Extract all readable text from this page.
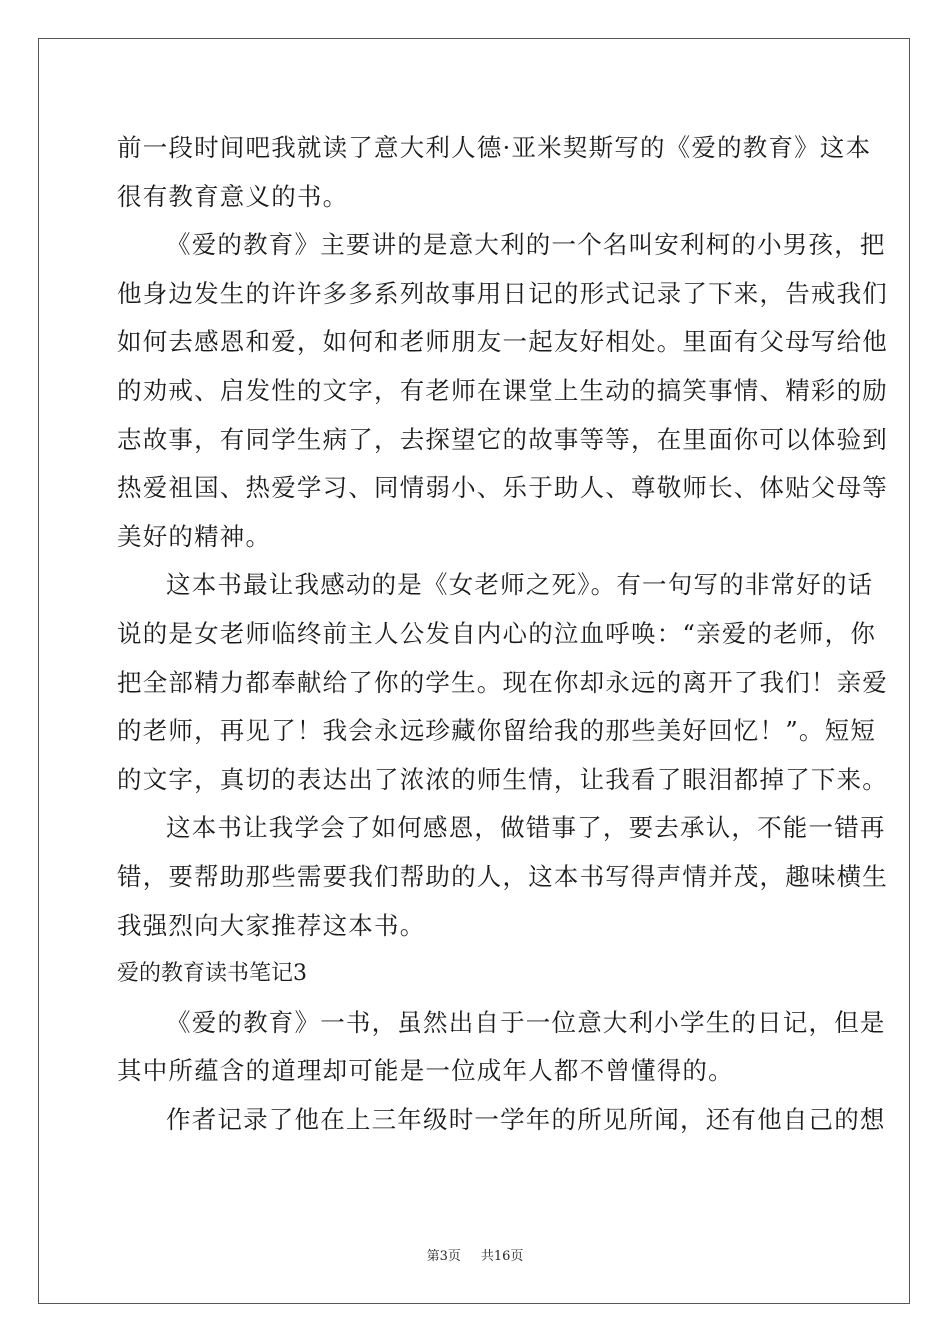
前一段时间吧我就读了意大利人德·亚米契斯写的《爱的教育》这本
很有教育意义的书。
《爱的教育》主要讲的是意大利的一个名叫安利柯的小男孩，把
他身边发生的许许多多系列故事用日记的形式记录了下来，告戒我们
如何去感恩和爱，如何和老师朋友一起友好相处。里面有父母写给他
的劝戒、启发性的文字，有老师在课堂上生动的搞笑事情、精彩的励
志故事，有同学生病了，去探望它的故事等等，在里面你可以体验到
热爱祖国、热爱学习、同情弱小、乐于助人、尊敬师长、体贴父母等
美好的精神。
这本书最让我感动的是《女老师之死》。有一句写的非常好的话
说的是女老师临终前主人公发自内心的泣血呼唤：“亲爱的老师，你
把全部精力都奉献给了你的学生。现在你却永远的离开了我们！亲爱
的老师，再见了！我会永远珍藏你留给我的那些美好回忆！”。短短
的文字，真切的表达出了浓浓的师生情，让我看了眼泪都掉了下来。
这本书让我学会了如何感恩，做错事了，要去承认，不能一错再
错，要帮助那些需要我们帮助的人，这本书写得声情并茂，趣味横生
我强烈向大家推荐这本书。
爱的教育读书笔记3
《爱的教育》一书，虽然出自于一位意大利小学生的日记，但是
其中所蕴含的道理却可能是一位成年人都不曾懂得的。
作者记录了他在上三年级时一学年的所见所闻，还有他自己的想
第3页 共16页
